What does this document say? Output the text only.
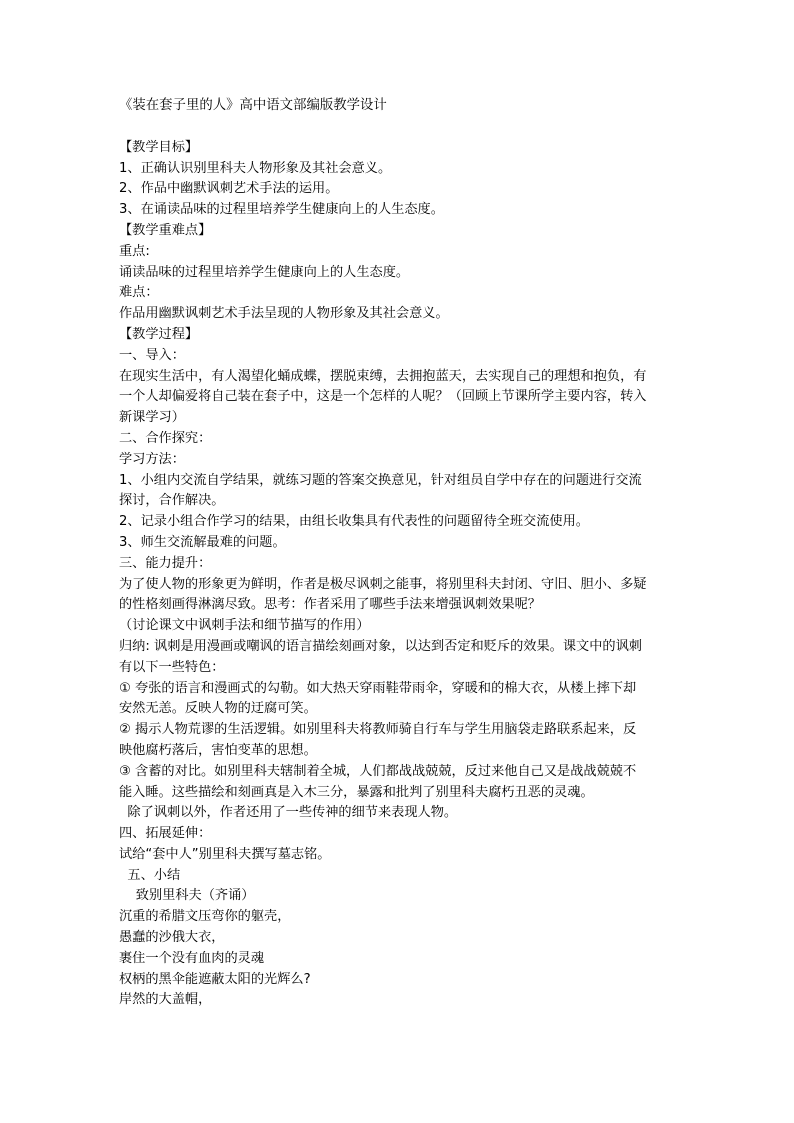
《装在套子里的人》高中语文部编版教学设计
【教学目标】
1、正确认识别里科夫人物形象及其社会意义。
2、作品中幽默讽刺艺术手法的运用。
3、在诵读品味的过程里培养学生健康向上的人生态度。
【教学重难点】
重点:
诵读品味的过程里培养学生健康向上的人生态度。
难点：
作品用幽默讽刺艺术手法呈现的人物形象及其社会意义。
【教学过程】
一、导入：
在现实生活中，有人渴望化蛹成蝶，摆脱束缚，去拥抱蓝天，去实现自己的理想和抱负，有
一个人却偏爱将自己装在套子中，这是一个怎样的人呢？（回顾上节课所学主要内容，转入
新课学习）
二、合作探究：
学习方法：
1、小组内交流自学结果，就练习题的答案交换意见，针对组员自学中存在的问题进行交流
探讨，合作解决。
2、记录小组合作学习的结果，由组长收集具有代表性的问题留待全班交流使用。
3、师生交流解最难的问题。
三、能力提升：
为了使人物的形象更为鲜明，作者是极尽讽刺之能事，将别里科夫封闭、守旧、胆小、多疑
的性格刻画得淋漓尽致。思考：作者采用了哪些手法来增强讽刺效果呢？
（讨论课文中讽刺手法和细节描写的作用）
归纳: 讽刺是用漫画或嘲讽的语言描绘刻画对象，以达到否定和贬斥的效果。课文中的讽刺
有以下一些特色：
① 夸张的语言和漫画式的勾勒。如大热天穿雨鞋带雨伞，穿暖和的棉大衣，从楼上摔下却
安然无恙。反映人物的迂腐可笑。
② 揭示人物荒谬的生活逻辑。如别里科夫将教师骑自行车与学生用脑袋走路联系起来，反
映他腐朽落后，害怕变革的思想。
③ 含蓄的对比。如别里科夫辖制着全城，人们都战战兢兢，反过来他自己又是战战兢兢不
能入睡。这些描绘和刻画真是入木三分，暴露和批判了别里科夫腐朽丑恶的灵魂。
除了讽刺以外，作者还用了一些传神的细节来表现人物。
四、拓展延伸：
试给“套中人”别里科夫撰写墓志铭。
五、小结
致别里科夫（齐诵）
沉重的希腊文压弯你的躯壳，
愚蠢的沙俄大衣，
裹住一个没有血肉的灵魂
权柄的黑伞能遮蔽太阳的光辉么?
岸然的大盖帽，
